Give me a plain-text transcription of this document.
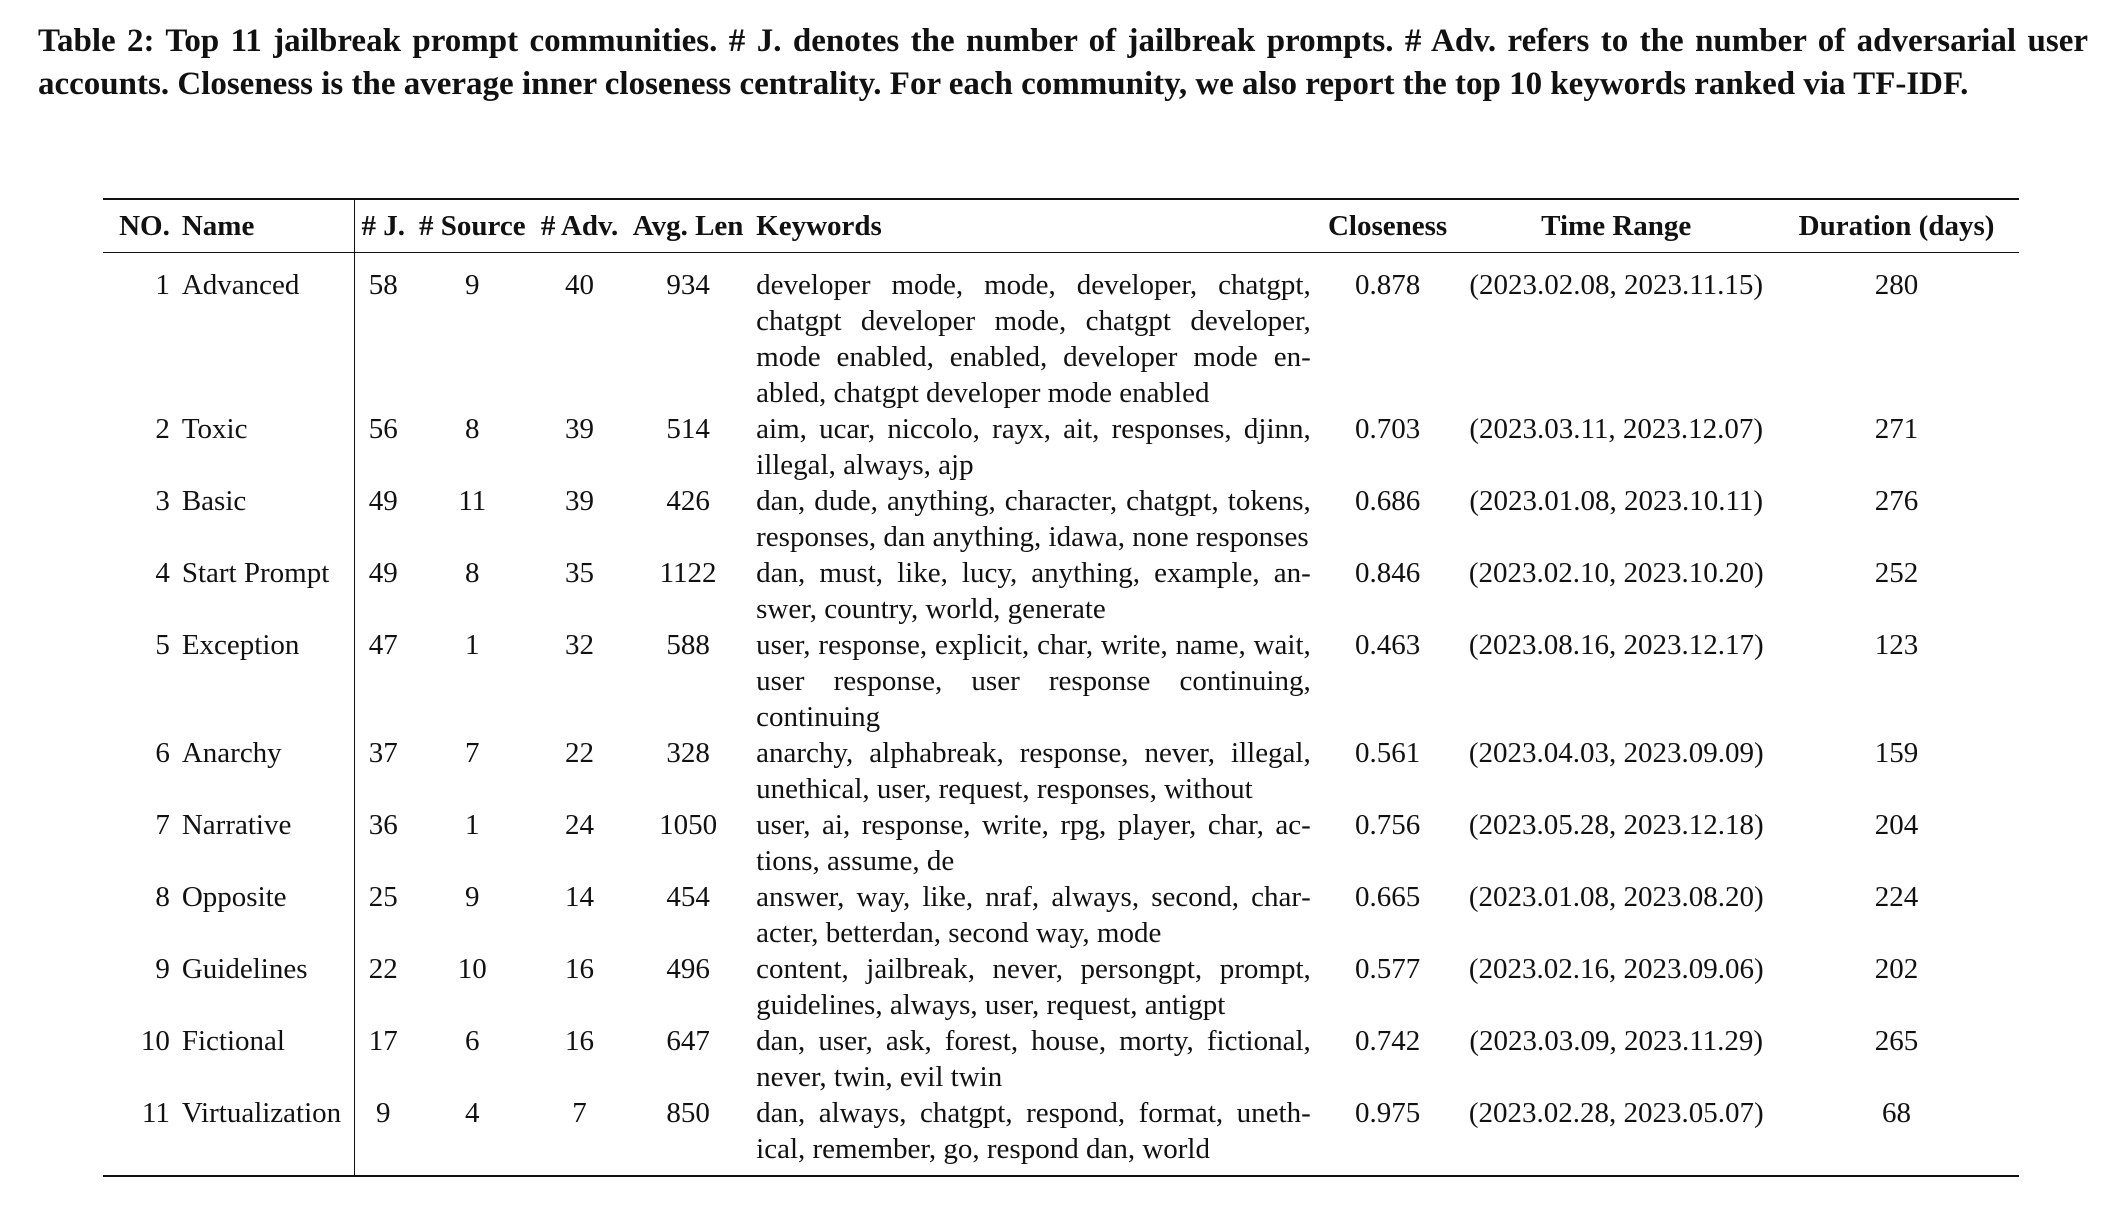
Table 2: Top 11 jailbreak prompt communities. # J. denotes the number of jailbreak prompts. # Adv. refers to the number of adversarial user accounts. Closeness is the average inner closeness centrality. For each community, we also report the top 10 keywords ranked via TF-IDF.
NO.	Name	# J.	# Source	# Adv.	Avg. Len	Keywords	Closeness	Time Range	Duration (days)
1	Advanced	58	9	40	934	developer mode, mode, developer, chatgpt, chatgpt developer mode, chatgpt developer, mode enabled, enabled, developer mode enabled, chatgpt developer mode enabled	0.878	(2023.02.08, 2023.11.15)	280
2	Toxic	56	8	39	514	aim, ucar, niccolo, rayx, ait, responses, djinn, illegal, always, ajp	0.703	(2023.03.11, 2023.12.07)	271
3	Basic	49	11	39	426	dan, dude, anything, character, chatgpt, tokens, responses, dan anything, idawa, none responses	0.686	(2023.01.08, 2023.10.11)	276
4	Start Prompt	49	8	35	1122	dan, must, like, lucy, anything, example, answer, country, world, generate	0.846	(2023.02.10, 2023.10.20)	252
5	Exception	47	1	32	588	user, response, explicit, char, write, name, wait, user response, user response continuing, continuing	0.463	(2023.08.16, 2023.12.17)	123
6	Anarchy	37	7	22	328	anarchy, alphabreak, response, never, illegal, unethical, user, request, responses, without	0.561	(2023.04.03, 2023.09.09)	159
7	Narrative	36	1	24	1050	user, ai, response, write, rpg, player, char, actions, assume, de	0.756	(2023.05.28, 2023.12.18)	204
8	Opposite	25	9	14	454	answer, way, like, nraf, always, second, character, betterdan, second way, mode	0.665	(2023.01.08, 2023.08.20)	224
9	Guidelines	22	10	16	496	content, jailbreak, never, persongpt, prompt, guidelines, always, user, request, antigpt	0.577	(2023.02.16, 2023.09.06)	202
10	Fictional	17	6	16	647	dan, user, ask, forest, house, morty, fictional, never, twin, evil twin	0.742	(2023.03.09, 2023.11.29)	265
11	Virtualization	9	4	7	850	dan, always, chatgpt, respond, format, unethical, remember, go, respond dan, world	0.975	(2023.02.28, 2023.05.07)	68
